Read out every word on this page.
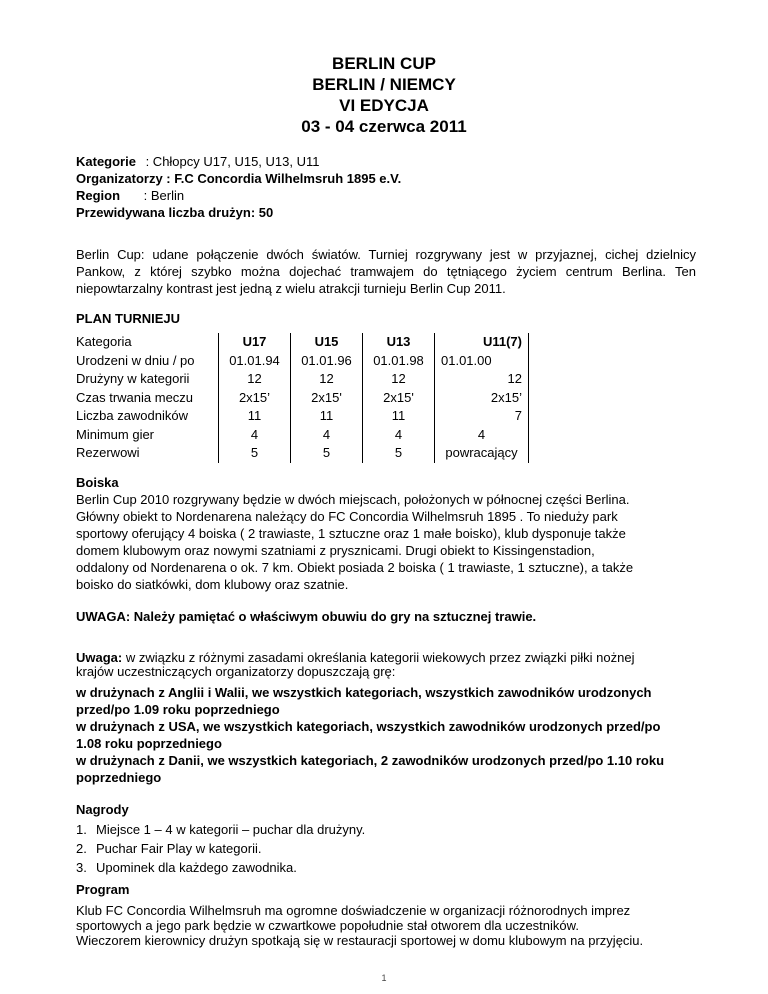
BERLIN CUP
BERLIN / NIEMCY
VI EDYCJA
03 - 04 czerwca 2011
Kategorie : Chłopcy U17, U15, U13, U11
Organizatorzy : F.C Concordia Wilhelmsruh 1895 e.V.
Region : Berlin
Przewidywana liczba drużyn: 50
Berlin Cup: udane połączenie dwóch światów. Turniej rozgrywany jest w przyjaznej, cichej dzielnicy Pankow, z której szybko można dojechać tramwajem do tętniącego życiem centrum Berlina. Ten niepowtarzalny kontrast jest jedną z wielu atrakcji turnieju Berlin Cup 2011.
PLAN TURNIEJU
Kategoria	U17	U15	U13	U11(7)
Urodzeni w dniu / po	01.01.94	01.01.96	01.01.98	01.01.00
Drużyny w kategorii	12	12	12	12
Czas trwania meczu	2x15’	2x15'	2x15'	2x15’
Liczba zawodników	11	11	11	7
Minimum gier	4	4	4	4
Rezerwowi	5	5	5	powracający
Boiska
Berlin Cup 2010 rozgrywany będzie w dwóch miejscach, położonych w północnej części Berlina.
Główny obiekt to Nordenarena należący do FC Concordia Wilhelmsruh 1895 . To nieduży park
sportowy oferujący 4 boiska ( 2 trawiaste, 1 sztuczne oraz 1 małe boisko), klub dysponuje także
domem klubowym oraz nowymi szatniami z prysznicami. Drugi obiekt to Kissingenstadion,
oddalony od Nordenarena o ok. 7 km. Obiekt posiada 2 boiska ( 1 trawiaste, 1 sztuczne), a także
boisko do siatkówki, dom klubowy oraz szatnie.
UWAGA: Należy pamiętać o właściwym obuwiu do gry na sztucznej trawie.
Uwaga: w związku z różnymi zasadami określania kategorii wiekowych przez związki piłki nożnej
krajów uczestniczących organizatorzy dopuszczają grę:
w drużynach z Anglii i Walii, we wszystkich kategoriach, wszystkich zawodników urodzonych
przed/po 1.09 roku poprzedniego
w drużynach z USA, we wszystkich kategoriach, wszystkich zawodników urodzonych przed/po
1.08 roku poprzedniego
w drużynach z Danii, we wszystkich kategoriach, 2 zawodników urodzonych przed/po 1.10 roku
poprzedniego
Nagrody
1. Miejsce 1 – 4 w kategorii – puchar dla drużyny.
2. Puchar Fair Play w kategorii.
3. Upominek dla każdego zawodnika.
Program
Klub FC Concordia Wilhelmsruh ma ogromne doświadczenie w organizacji różnorodnych imprez
sportowych a jego park będzie w czwartkowe popołudnie stał otworem dla uczestników.
Wieczorem kierownicy drużyn spotkają się w restauracji sportowej w domu klubowym na przyjęciu.
1
